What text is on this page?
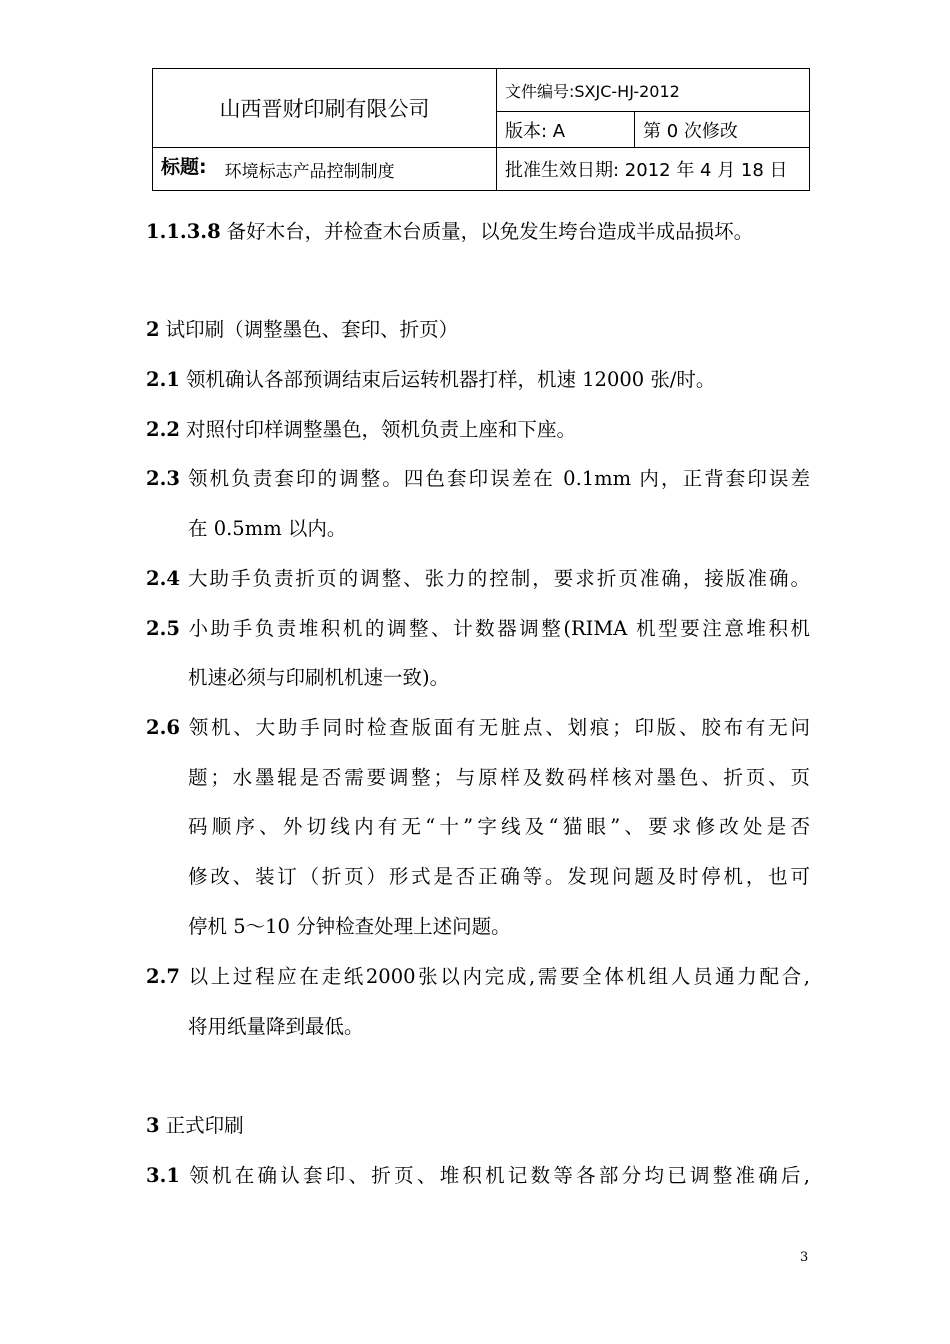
山西晋财印刷有限公司	文件编号:SXJC-HJ-2012	
	版本: A	第 0 次修改
标题: 环境标志产品控制制度	批准生效日期: 2012 年 4 月 18 日	
1.1.3.8 备好木台，并检查木台质量，以免发生垮台造成半成品损坏。
2 试印刷（调整墨色、套印、折页）
2.1 领机确认各部预调结束后运转机器打样，机速 12000 张/时。
2.2 对照付印样调整墨色，领机负责上座和下座。
2.3 领机负责套印的调整。四色套印误差在 0.1mm 内，正背套印误差
在 0.5mm 以内。
2.4 大助手负责折页的调整、张力的控制，要求折页准确，接版准确。
2.5 小助手负责堆积机的调整、计数器调整(RIMA 机型要注意堆积机
机速必须与印刷机机速一致)。
2.6 领机、大助手同时检查版面有无脏点、划痕；印版、胶布有无问
题；水墨辊是否需要调整；与原样及数码样核对墨色、折页、页
码顺序、外切线内有无“十”字线及“猫眼”、要求修改处是否
修改、装订（折页）形式是否正确等。发现问题及时停机，也可
停机 5～10 分钟检查处理上述问题。
2.7 以上过程应在走纸2000张以内完成,需要全体机组人员通力配合,
将用纸量降到最低。
3 正式印刷
3.1 领机在确认套印、折页、堆积机记数等各部分均已调整准确后,
3
